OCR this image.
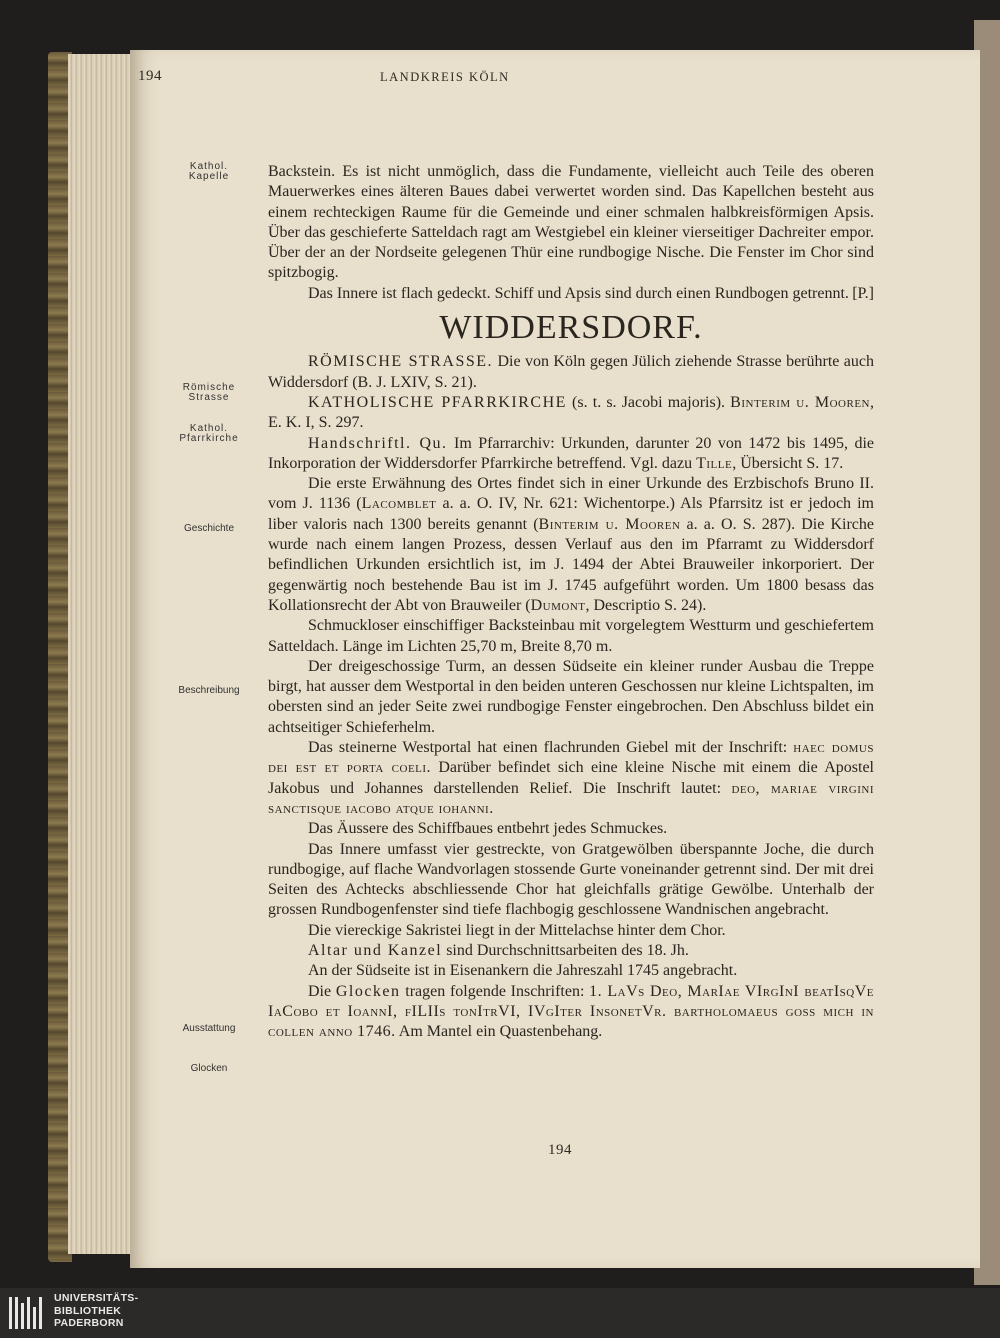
194	LANDKREIS KÖLN
Kathol.
Kapelle
Römische
Strasse
Kathol.
Pfarrkirche
Geschichte
Beschreibung
Ausstattung
Glocken

Backstein. Es ist nicht unmöglich, dass die Fundamente, vielleicht auch Teile des oberen Mauerwerkes eines älteren Baues dabei verwertet worden sind. Das Kapellchen besteht aus einem rechteckigen Raume für die Gemeinde und einer schmalen halbkreisförmigen Apsis. Über das geschieferte Satteldach ragt am Westgiebel ein kleiner vierseitiger Dachreiter empor. Über der an der Nordseite gelegenen Thür eine rundbogige Nische. Die Fenster im Chor sind spitzbogig.

Das Innere ist flach gedeckt. Schiff und Apsis sind durch einen Rundbogen getrennt. [P.]

WIDDERSDORF.

RÖMISCHE STRASSE. Die von Köln gegen Jülich ziehende Strasse berührte auch Widdersdorf (B. J. LXIV, S. 21).

KATHOLISCHE PFARRKIRCHE (s. t. s. Jacobi majoris). Binterim u. Mooren, E. K. I, S. 297.

Handschriftl. Qu. Im Pfarrarchiv: Urkunden, darunter 20 von 1472 bis 1495, die Inkorporation der Widdersdorfer Pfarrkirche betreffend. Vgl. dazu Tille, Übersicht S. 17.

Die erste Erwähnung des Ortes findet sich in einer Urkunde des Erzbischofs Bruno II. vom J. 1136 (Lacomblet a. a. O. IV, Nr. 621: Wichentorpe.) Als Pfarrsitz ist er jedoch im liber valoris nach 1300 bereits genannt (Binterim u. Mooren a. a. O. S. 287). Die Kirche wurde nach einem langen Prozess, dessen Verlauf aus den im Pfarramt zu Widdersdorf befindlichen Urkunden ersichtlich ist, im J. 1494 der Abtei Brauweiler inkorporiert. Der gegenwärtig noch bestehende Bau ist im J. 1745 aufgeführt worden. Um 1800 besass das Kollationsrecht der Abt von Brauweiler (Dumont, Descriptio S. 24).

Schmuckloser einschiffiger Backsteinbau mit vorgelegtem Westturm und geschiefertem Satteldach. Länge im Lichten 25,70 m, Breite 8,70 m.

Der dreigeschossige Turm, an dessen Südseite ein kleiner runder Ausbau die Treppe birgt, hat ausser dem Westportal in den beiden unteren Geschossen nur kleine Lichtspalten, im obersten sind an jeder Seite zwei rundbogige Fenster eingebrochen. Den Abschluss bildet ein achtseitiger Schieferhelm.

Das steinerne Westportal hat einen flachrunden Giebel mit der Inschrift: haec domus dei est et porta coeli. Darüber befindet sich eine kleine Nische mit einem die Apostel Jakobus und Johannes darstellenden Relief. Die Inschrift lautet: deo, mariae virgini sanctisque iacobo atque iohanni.

Das Äussere des Schiffbaues entbehrt jedes Schmuckes.

Das Innere umfasst vier gestreckte, von Gratgewölben überspannte Joche, die durch rundbogige, auf flache Wandvorlagen stossende Gurte voneinander getrennt sind. Der mit drei Seiten des Achtecks abschliessende Chor hat gleichfalls grätige Gewölbe. Unterhalb der grossen Rundbogenfenster sind tiefe flachbogig geschlossene Wandnischen angebracht.

Die viereckige Sakristei liegt in der Mittelachse hinter dem Chor.

Altar und Kanzel sind Durchschnittsarbeiten des 18. Jh.

An der Südseite ist in Eisenankern die Jahreszahl 1745 angebracht.

Die Glocken tragen folgende Inschriften: 1. LaVs Deo, MarIae VIrgInI beatIsqVe IaCobo et IoannI, fILIIs tonItrVI, IVgIter InsonetVr. bartholomaeus goss mich in collen anno 1746. Am Mantel ein Quastenbehang.

194
UNIVERSITÄTS-
BIBLIOTHEK
PADERBORN
